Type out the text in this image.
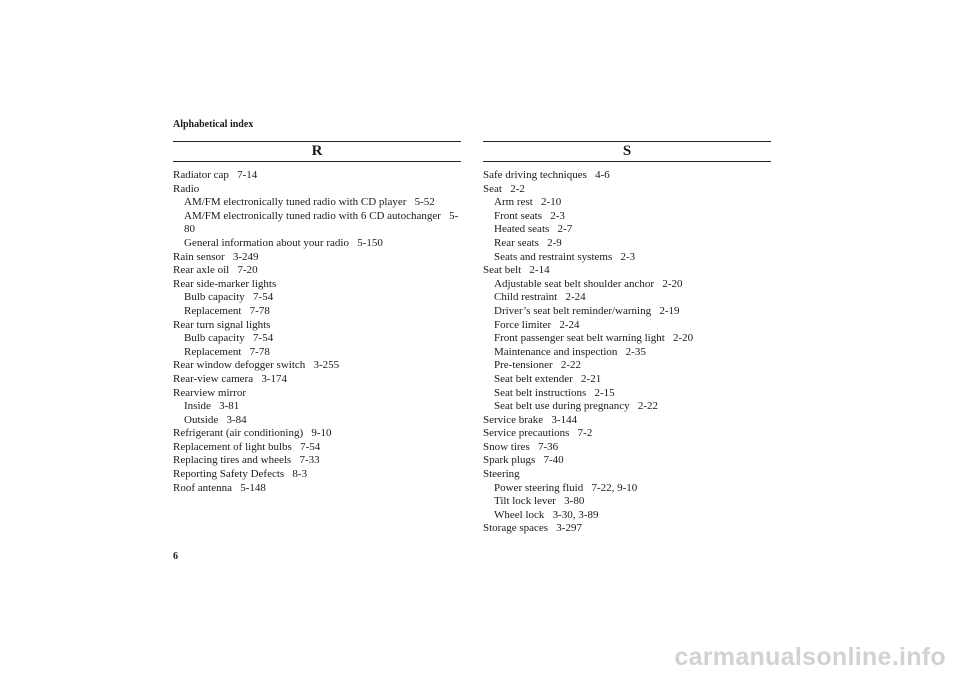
Alphabetical index
R
Radiator cap  7-14
Radio
AM/FM electronically tuned radio with CD player  5-52
AM/FM electronically tuned radio with 6 CD autochanger  5-
80
General information about your radio  5-150
Rain sensor  3-249
Rear axle oil  7-20
Rear side-marker lights
Bulb capacity  7-54
Replacement  7-78
Rear turn signal lights
Bulb capacity  7-54
Replacement  7-78
Rear window defogger switch  3-255
Rear-view camera  3-174
Rearview mirror
Inside  3-81
Outside  3-84
Refrigerant (air conditioning)  9-10
Replacement of light bulbs  7-54
Replacing tires and wheels  7-33
Reporting Safety Defects  8-3
Roof antenna  5-148
S
Safe driving techniques  4-6
Seat  2-2
Arm rest  2-10
Front seats  2-3
Heated seats  2-7
Rear seats  2-9
Seats and restraint systems  2-3
Seat belt  2-14
Adjustable seat belt shoulder anchor  2-20
Child restraint  2-24
Driver’s seat belt reminder/warning  2-19
Force limiter  2-24
Front passenger seat belt warning light  2-20
Maintenance and inspection  2-35
Pre-tensioner  2-22
Seat belt extender  2-21
Seat belt instructions  2-15
Seat belt use during pregnancy  2-22
Service brake  3-144
Service precautions  7-2
Snow tires  7-36
Spark plugs  7-40
Steering
Power steering fluid  7-22, 9-10
Tilt lock lever  3-80
Wheel lock  3-30, 3-89
Storage spaces  3-297
6
carmanualsonline.info
